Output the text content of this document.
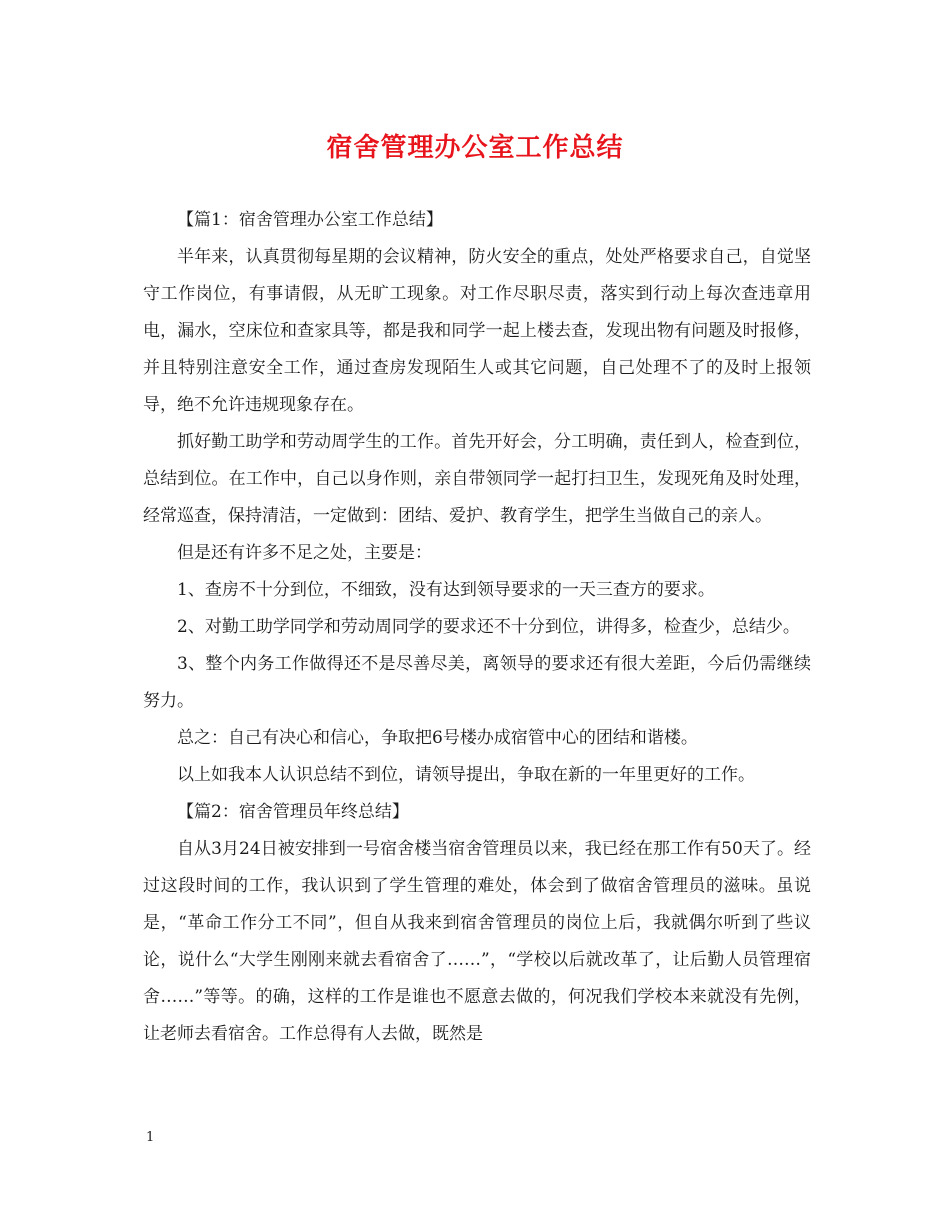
宿舍管理办公室工作总结

【篇1：宿舍管理办公室工作总结】

半年来，认真贯彻每星期的会议精神，防火安全的重点，处处严格要求自己，自觉坚守工作岗位，有事请假，从无旷工现象。对工作尽职尽责，落实到行动上每次查违章用电，漏水，空床位和查家具等，都是我和同学一起上楼去查，发现出物有问题及时报修，并且特别注意安全工作，通过查房发现陌生人或其它问题，自己处理不了的及时上报领导，绝不允许违规现象存在。

抓好勤工助学和劳动周学生的工作。首先开好会，分工明确，责任到人，检查到位，总结到位。在工作中，自己以身作则，亲自带领同学一起打扫卫生，发现死角及时处理，经常巡查，保持清洁，一定做到：团结、爱护、教育学生，把学生当做自己的亲人。

但是还有许多不足之处，主要是：

1、查房不十分到位，不细致，没有达到领导要求的一天三查方的要求。

2、对勤工助学同学和劳动周同学的要求还不十分到位，讲得多，检查少，总结少。

3、整个内务工作做得还不是尽善尽美，离领导的要求还有很大差距，今后仍需继续努力。

总之：自己有决心和信心，争取把6号楼办成宿管中心的团结和谐楼。

以上如我本人认识总结不到位，请领导提出，争取在新的一年里更好的工作。

【篇2：宿舍管理员年终总结】

自从3月24日被安排到一号宿舍楼当宿舍管理员以来，我已经在那工作有50天了。经过这段时间的工作，我认识到了学生管理的难处，体会到了做宿舍管理员的滋味。虽说是，“革命工作分工不同”，但自从我来到宿舍管理员的岗位上后，我就偶尔听到了些议论，说什么“大学生刚刚来就去看宿舍了……”，“学校以后就改革了，让后勤人员管理宿舍……”等等。的确，这样的工作是谁也不愿意去做的，何况我们学校本来就没有先例，让老师去看宿舍。工作总得有人去做，既然是

1
